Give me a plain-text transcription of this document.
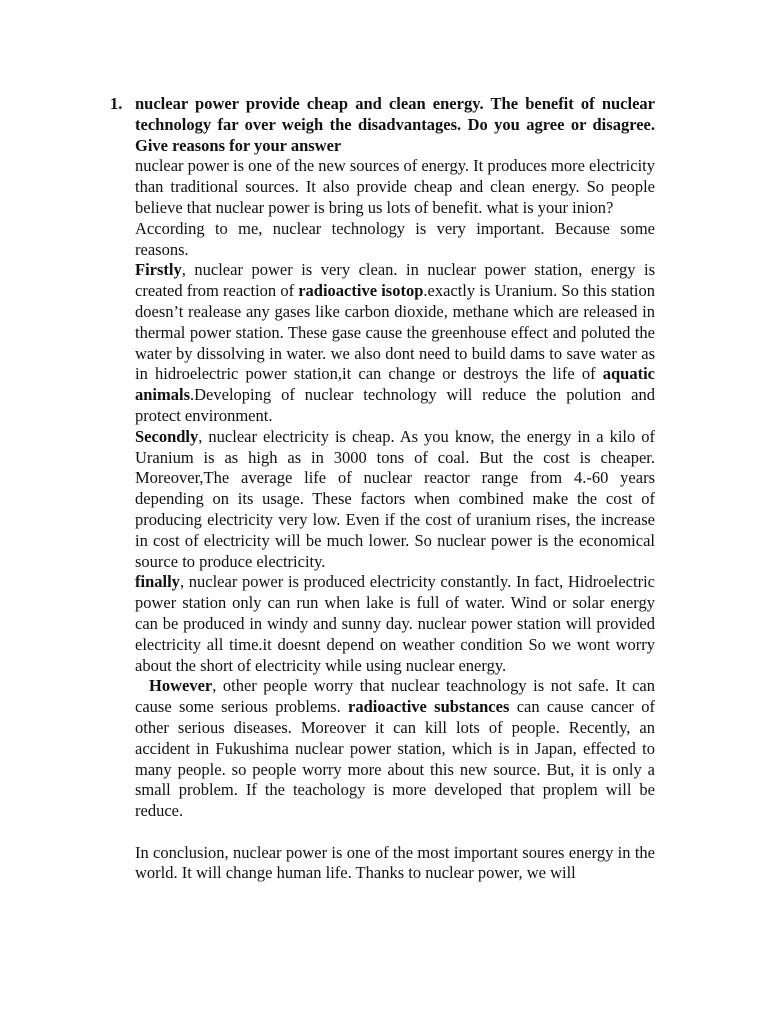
1. nuclear power provide cheap and clean energy. The benefit of nuclear technology far over weigh the disadvantages. Do you agree or disagree. Give reasons for your answer

nuclear power is one of the new sources of energy. It produces more electricity than traditional sources. It also provide cheap and clean energy. So people believe that nuclear power is bring us lots of benefit. what is your inion?

According to me, nuclear technology is very important. Because some reasons.

Firstly, nuclear power is very clean. in nuclear power station, energy is created from reaction of radioactive isotop.exactly is Uranium. So this station doesn’t realease any gases like carbon dioxide, methane which are released in thermal power station. These gase cause the greenhouse effect and poluted the water by dissolving in water. we also dont need to build dams to save water as in hidroelectric power station,it can change or destroys the life of aquatic animals.Developing of nuclear technology will reduce the polution and protect environment.

Secondly, nuclear electricity is cheap. As you know, the energy in a kilo of Uranium is as high as in 3000 tons of coal. But the cost is cheaper. Moreover,The average life of nuclear reactor range from 4.-60 years depending on its usage. These factors when combined make the cost of producing electricity very low. Even if the cost of uranium rises, the increase in cost of electricity will be much lower. So nuclear power is the economical source to produce electricity.

finally, nuclear power is produced electricity constantly. In fact, Hidroelectric power station only can run when lake is full of water. Wind or solar energy can be produced in windy and sunny day. nuclear power station will provided electricity all time.it doesnt depend on weather condition So we wont worry about the short of electricity while using nuclear energy.

However, other people worry that nuclear teachnology is not safe. It can cause some serious problems. radioactive substances can cause cancer of other serious diseases. Moreover it can kill lots of people. Recently, an accident in Fukushima nuclear power station, which is in Japan, effected to many people. so people worry more about this new source. But, it is only a small problem. If the teachology is more developed that proplem will be reduce.

In conclusion, nuclear power is one of the most important soures energy in the world. It will change human life. Thanks to nuclear power, we will
